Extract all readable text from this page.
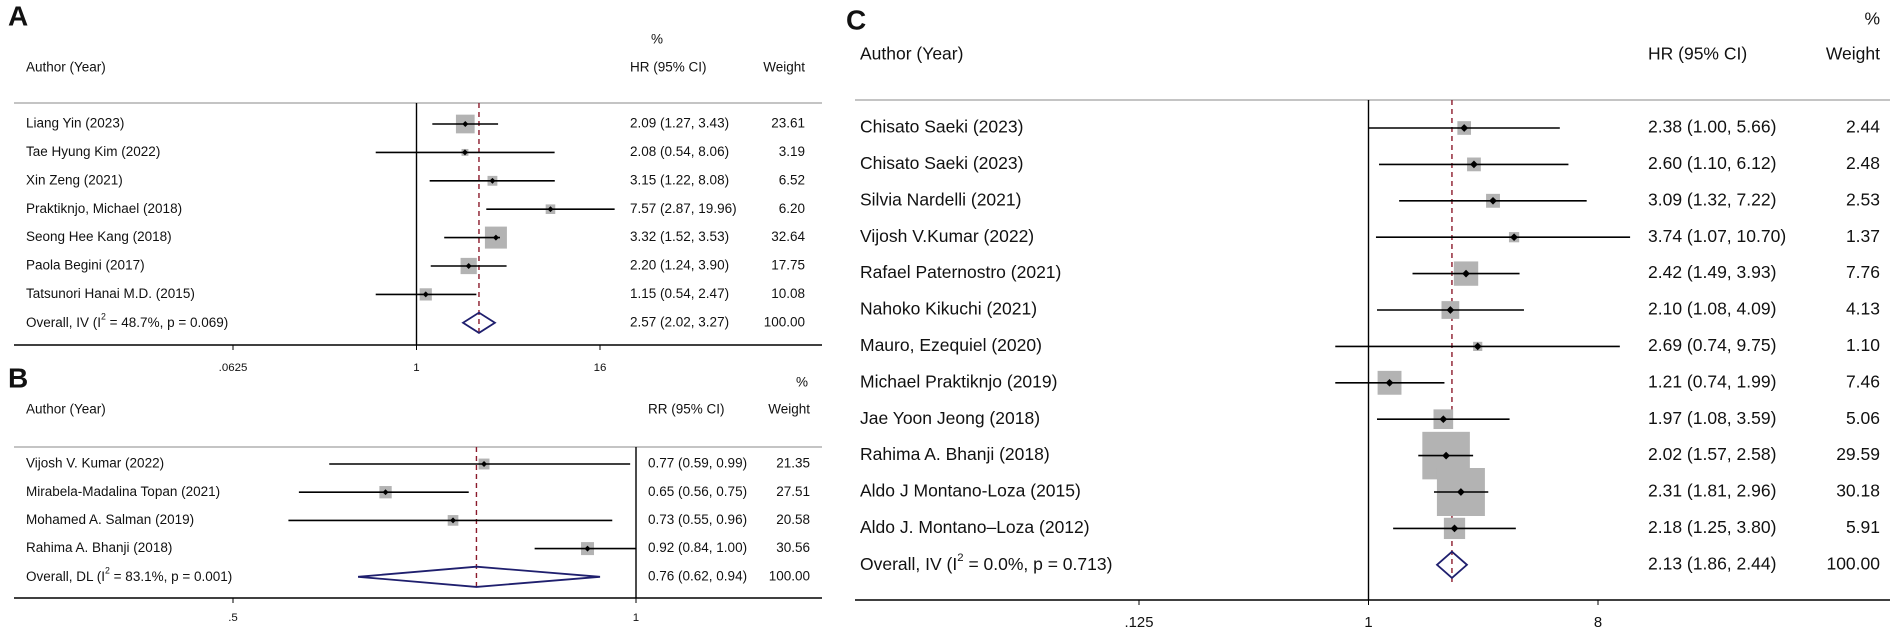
A
%
Author (Year)	HR (95% CI)	Weight
.0625	1	16
Liang Yin (2023)	2.09 (1.27, 3.43)	23.61
Tae Hyung Kim (2022)	2.08 (0.54, 8.06)	3.19
Xin Zeng (2021)	3.15 (1.22, 8.08)	6.52
Praktiknjo, Michael (2018)	7.57 (2.87, 19.96)	6.20
Seong Hee Kang (2018)	3.32 (1.52, 3.53)	32.64
Paola Begini (2017)	2.20 (1.24, 3.90)	17.75
Tatsunori Hanai M.D. (2015)	1.15 (0.54, 2.47)	10.08
Overall, IV ($I^2 = 48.7\%$, p = 0.069)	2.57 (2.02, 3.27)	100.00
B	%
Author (Year)	RR (95% CI)	Weight
.5	1
Vijosh V. Kumar (2022)	0.77 (0.59, 0.99) 21.35
Mirabela-Madalina Topan (2021)	0.65 (0.56, 0.75) 27.51
Mohamed A. Salman (2019)	0.73 (0.55, 0.96) 20.58
Rahima A. Bhanji (2018)	0.92 (0.84, 1.00) 30.56
Overall, DL ($I^2 = 83.1\%$, p = 0.001)	0.76 (0.62, 0.94) 100.00
C	%
Author (Year)	HR (95% CI)	Weight
.125	1	8
Chisato Saeki (2023)	2.38 (1.00, 5.66)	2.44
Chisato Saeki (2023)	2.60 (1.10, 6.12)	2.48
Silvia Nardelli (2021)	3.09 (1.32, 7.22)	2.53
Vijosh V.Kumar (2022)	3.74 (1.07, 10.70)	1.37
Rafael Paternostro (2021)	2.42 (1.49, 3.93)	7.76
Nahoko Kikuchi (2021)	2.10 (1.08, 4.09)	4.13
Mauro, Ezequiel (2020)	2.69 (0.74, 9.75)	1.10
Michael Praktiknjo (2019)	1.21 (0.74, 1.99)	7.46
Jae Yoon Jeong (2018)	1.97 (1.08, 3.59)	5.06
Rahima A. Bhanji (2018)	2.02 (1.57, 2.58)	29.59
Aldo J Montano-Loza (2015)	2.31 (1.81, 2.96)	30.18
Aldo J. Montano–Loza (2012)	2.18 (1.25, 3.80)	5.91
Overall, IV ($I^2 = 0.0\%$, p = 0.713)	2.13 (1.86, 2.44)	100.00
